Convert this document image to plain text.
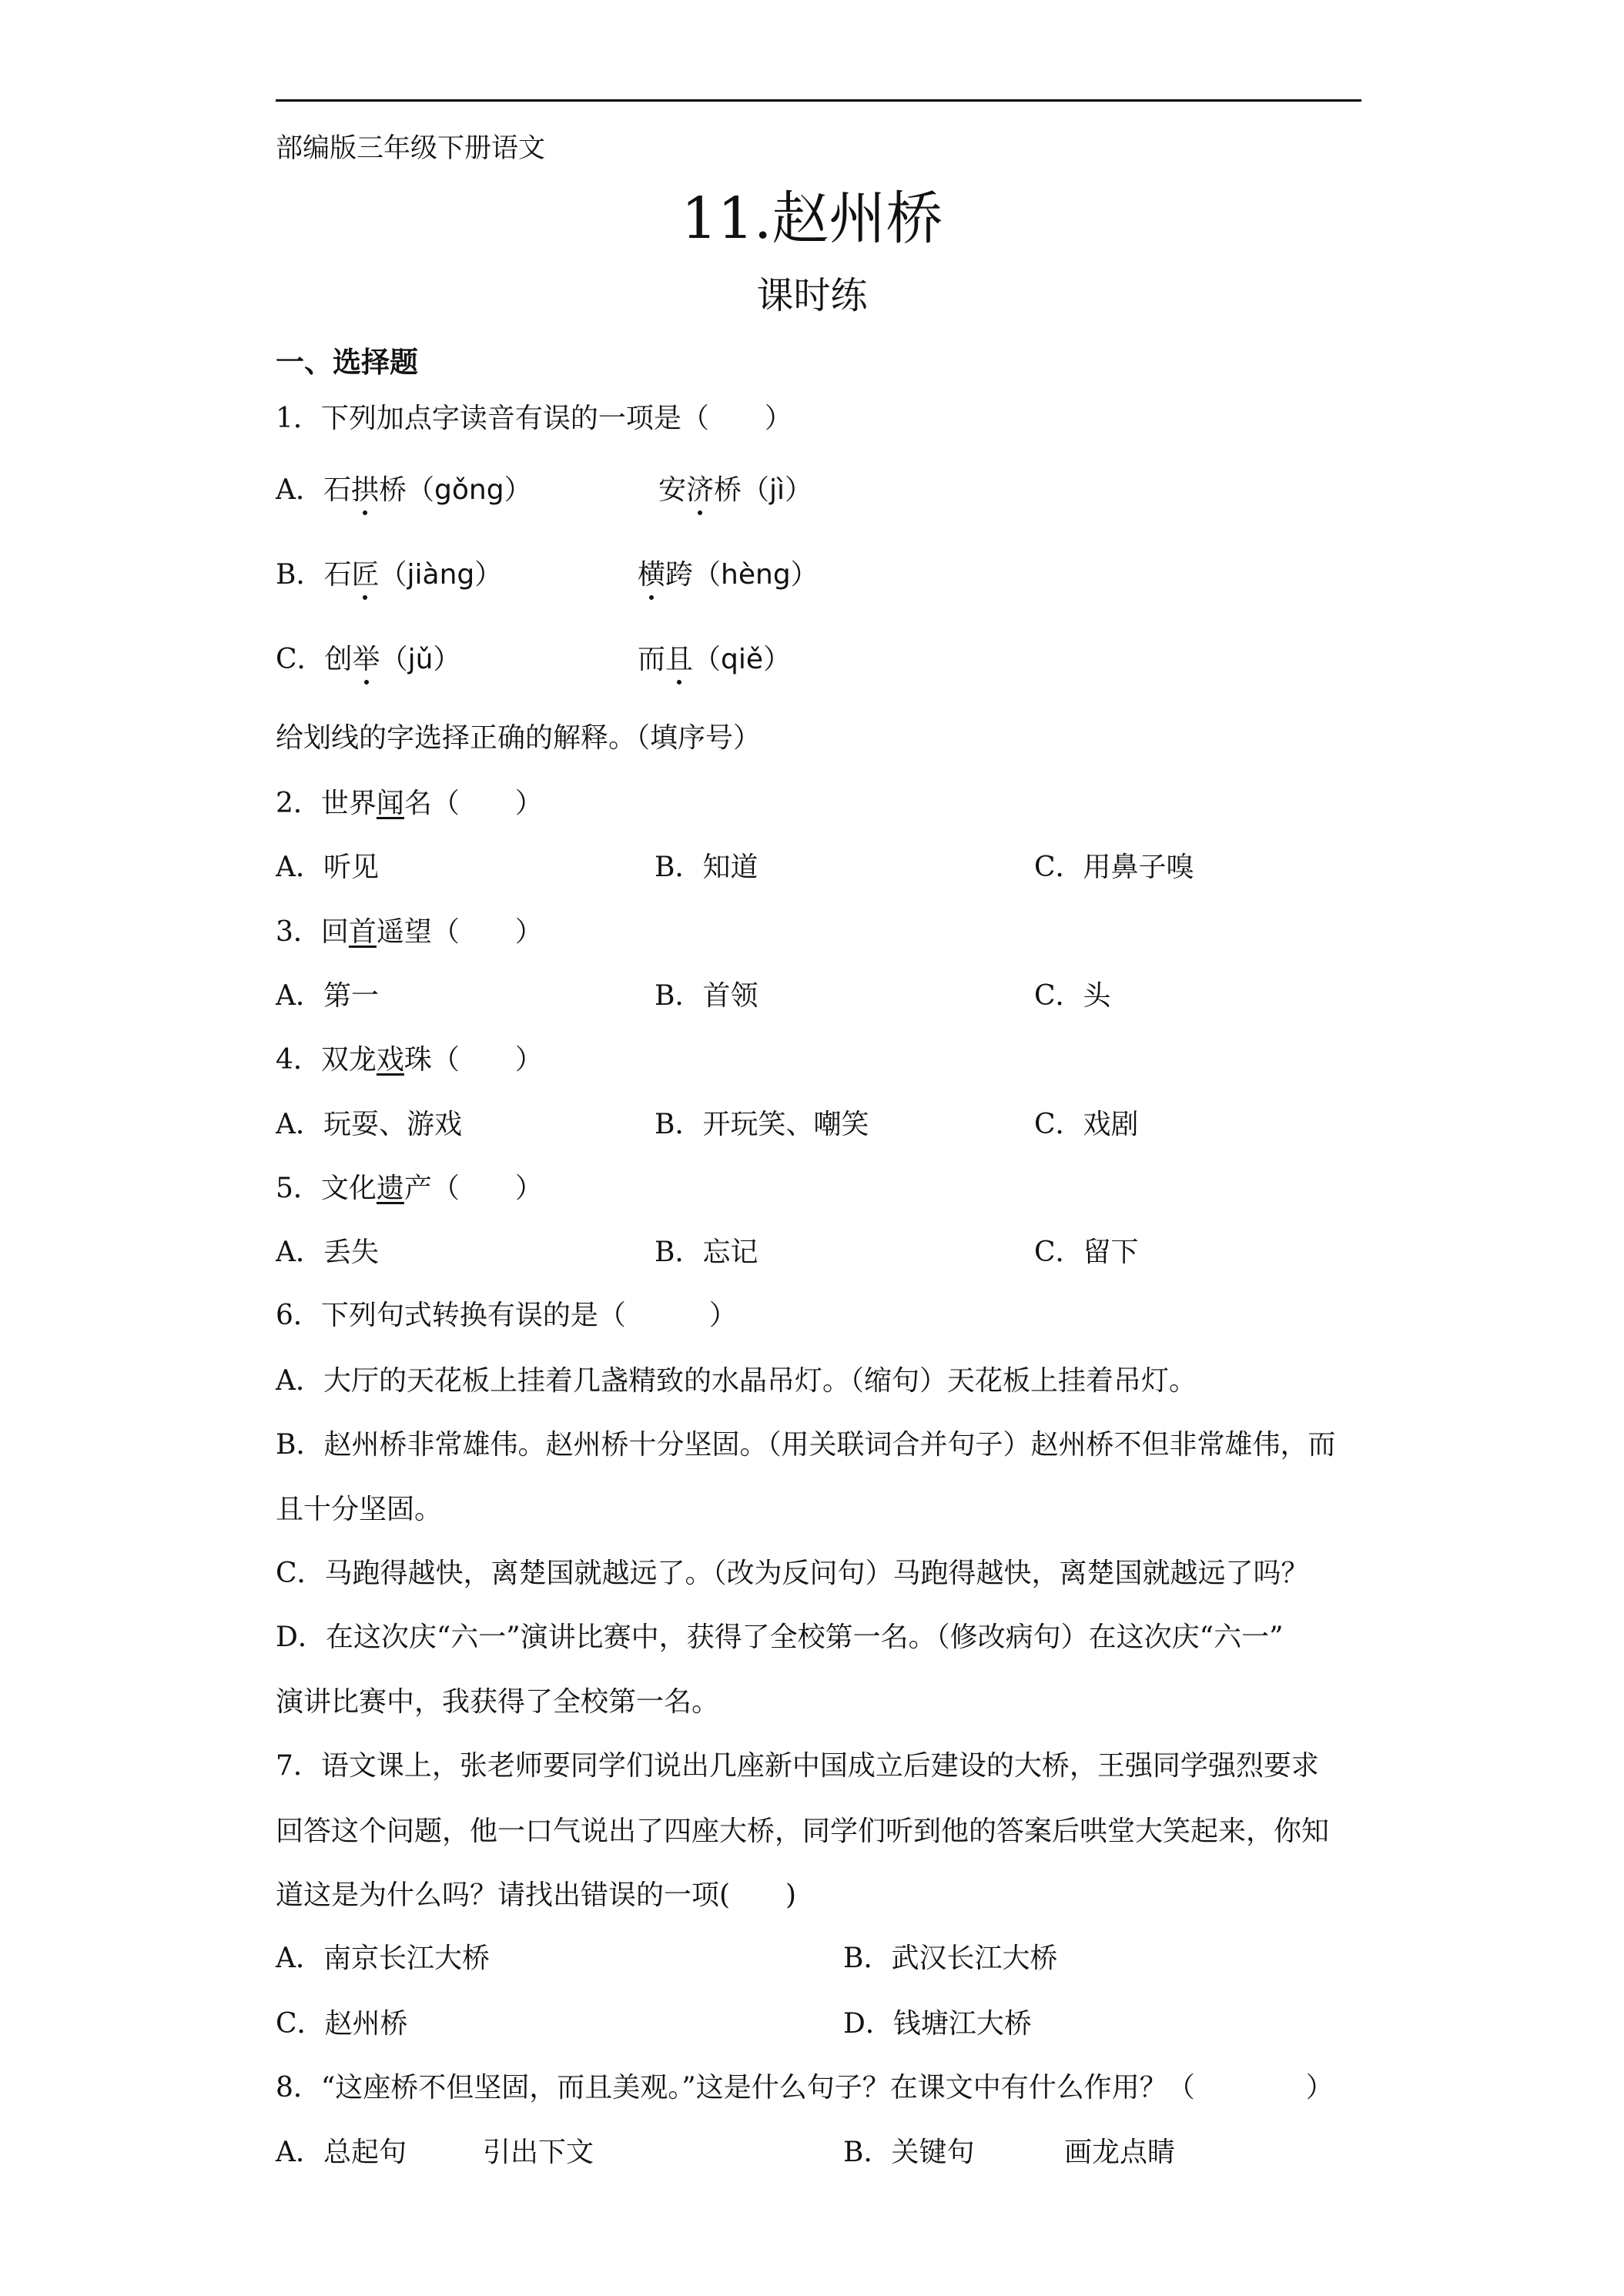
部编版三年级下册语文
11.赵州桥
课时练
一、选择题
1．下列加点字读音有误的一项是（　　）
A．石拱桥（gǒng）	安济桥（jì）
B．石匠（jiàng）	横跨（hèng）
C．创举（jǔ）	而且（qiě）
给划线的字选择正确的解释。（填序号）
2．世界闻名（　　）
A．听见	B．知道	C．用鼻子嗅
3．回首遥望（　　）
A．第一	B．首领	C．头
4．双龙戏珠（　　）
A．玩耍、游戏	B．开玩笑、嘲笑	C．戏剧
5．文化遗产（　　）
A．丢失	B．忘记	C．留下
6．下列句式转换有误的是（　　　）
A．大厅的天花板上挂着几盏精致的水晶吊灯。（缩句）天花板上挂着吊灯。
B．赵州桥非常雄伟。赵州桥十分坚固。（用关联词合并句子）赵州桥不但非常雄伟，而
且十分坚固。
C．马跑得越快，离楚国就越远了。（改为反问句）马跑得越快，离楚国就越远了吗？
D．在这次庆“六一”演讲比赛中，获得了全校第一名。（修改病句）在这次庆“六一”
演讲比赛中，我获得了全校第一名。
7．语文课上，张老师要同学们说出几座新中国成立后建设的大桥，王强同学强烈要求
回答这个问题，他一口气说出了四座大桥，同学们听到他的答案后哄堂大笑起来，你知
道这是为什么吗？请找出错误的一项(　　)
A．南京长江大桥	B．武汉长江大桥
C．赵州桥	D．钱塘江大桥
8．“这座桥不但坚固，而且美观。”这是什么句子？在课文中有什么作用？（　　　　）
A．总起句	引出下文	B．关键句	画龙点睛
